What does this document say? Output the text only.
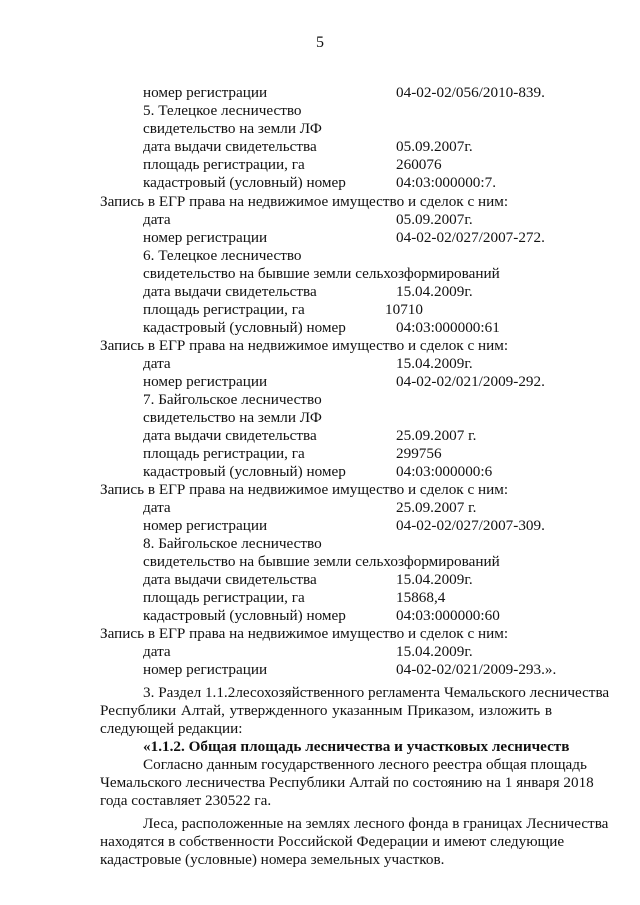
5
номер регистрации	04-02-02/056/2010-839.
5. Телецкое лесничество
свидетельство на земли ЛФ
дата выдачи свидетельства	05.09.2007г.
площадь регистрации, га	260076
кадастровый (условный) номер	04:03:000000:7.
Запись в ЕГР права на недвижимое имущество и сделок с ним:
дата	05.09.2007г.
номер регистрации	04-02-02/027/2007-272.
6. Телецкое лесничество
свидетельство на бывшие земли сельхозформирований
дата выдачи свидетельства	15.04.2009г.
площадь регистрации, га	10710
кадастровый (условный) номер	04:03:000000:61
Запись в ЕГР права на недвижимое имущество и сделок с ним:
дата	15.04.2009г.
номер регистрации	04-02-02/021/2009-292.
7. Байгольское лесничество
свидетельство на земли ЛФ
дата выдачи свидетельства	25.09.2007 г.
площадь регистрации, га	299756
кадастровый (условный) номер	04:03:000000:6
Запись в ЕГР права на недвижимое имущество и сделок с ним:
дата	25.09.2007 г.
номер регистрации	04-02-02/027/2007-309.
8. Байгольское лесничество
свидетельство на бывшие земли сельхозформирований
дата выдачи свидетельства	15.04.2009г.
площадь регистрации, га	15868,4
кадастровый (условный) номер	04:03:000000:60
Запись в ЕГР права на недвижимое имущество и сделок с ним:
дата	15.04.2009г.
номер регистрации	04-02-02/021/2009-293.».
3. Раздел 1.1.2лесохозяйственного регламента Чемальского лесничества
Республики Алтай, утвержденного указанным Приказом, изложить в
следующей редакции:
«1.1.2. Общая площадь лесничества и участковых лесничеств
Согласно данным государственного лесного реестра общая площадь
Чемальского лесничества Республики Алтай по состоянию на 1 января 2018
года составляет 230522 га.
Леса, расположенные на землях лесного фонда в границах Лесничества
находятся в собственности Российской Федерации и имеют следующие
кадастровые (условные) номера земельных участков.
